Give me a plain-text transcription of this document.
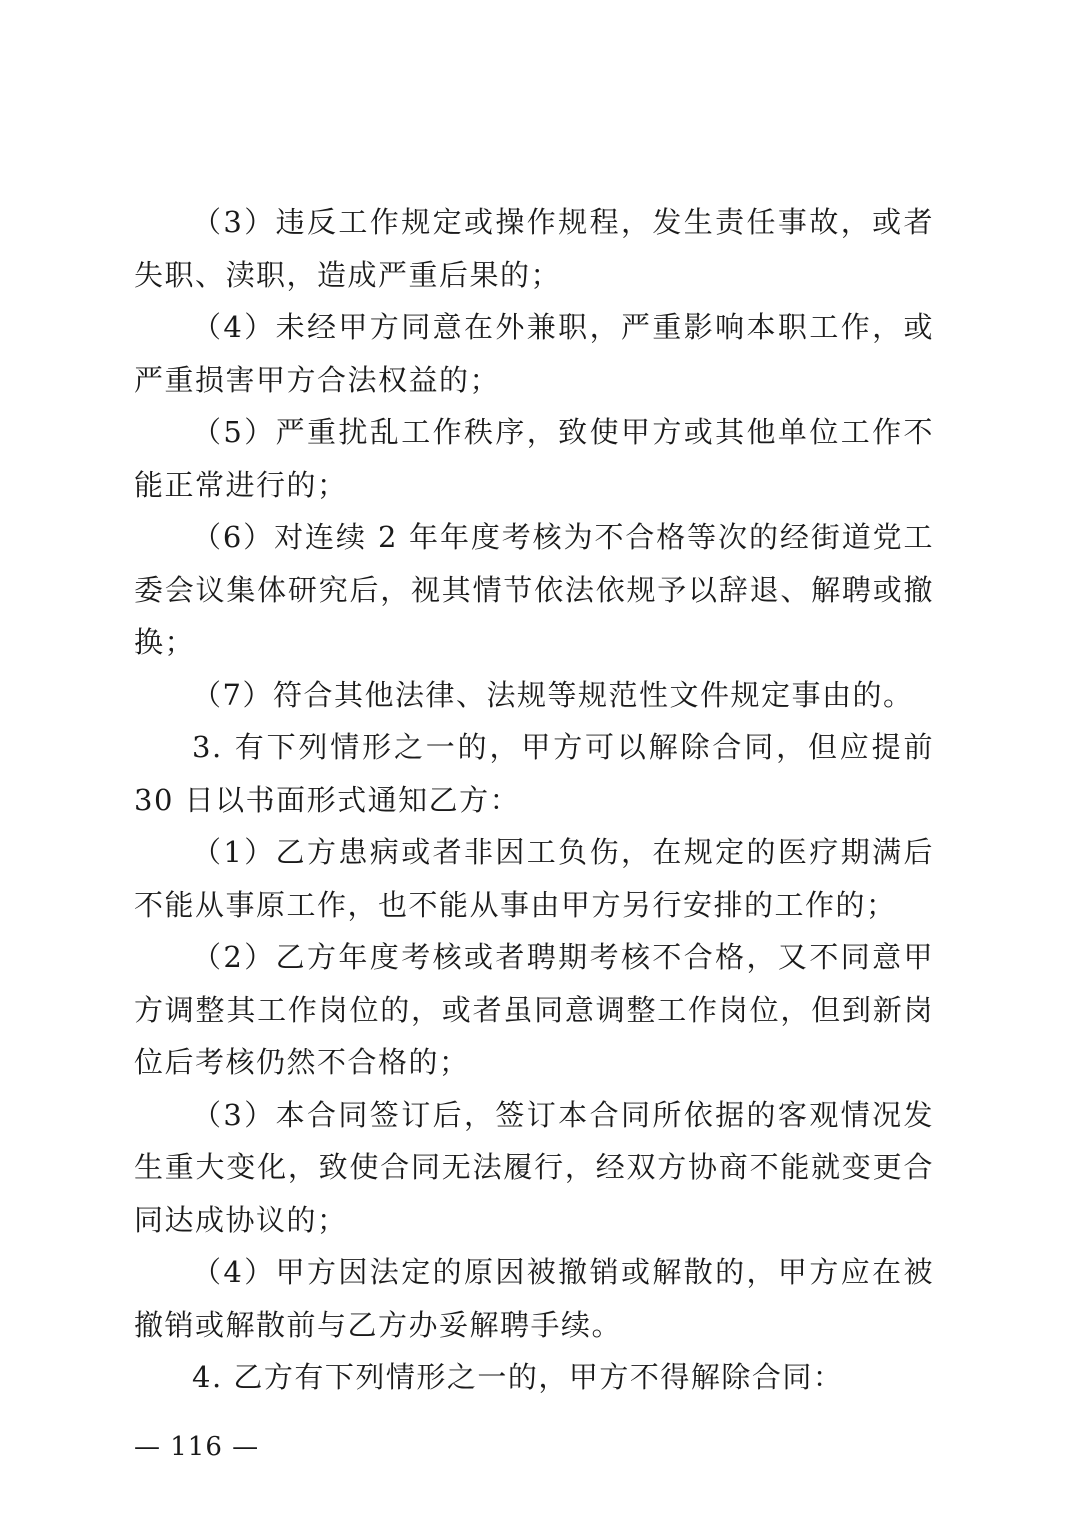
（3）违反工作规定或操作规程，发生责任事故，或者失职、渎职，造成严重后果的；

（4）未经甲方同意在外兼职，严重影响本职工作，或严重损害甲方合法权益的；

（5）严重扰乱工作秩序，致使甲方或其他单位工作不能正常进行的；

（6）对连续 2 年年度考核为不合格等次的经街道党工委会议集体研究后，视其情节依法依规予以辞退、解聘或撤换；

（7）符合其他法律、法规等规范性文件规定事由的。

3. 有下列情形之一的，甲方可以解除合同，但应提前 30 日以书面形式通知乙方：

（1）乙方患病或者非因工负伤，在规定的医疗期满后不能从事原工作，也不能从事由甲方另行安排的工作的；

（2）乙方年度考核或者聘期考核不合格，又不同意甲方调整其工作岗位的，或者虽同意调整工作岗位，但到新岗位后考核仍然不合格的；

（3）本合同签订后，签订本合同所依据的客观情况发生重大变化，致使合同无法履行，经双方协商不能就变更合同达成协议的；

（4）甲方因法定的原因被撤销或解散的，甲方应在被撤销或解散前与乙方办妥解聘手续。

4. 乙方有下列情形之一的，甲方不得解除合同：

— 116 —
